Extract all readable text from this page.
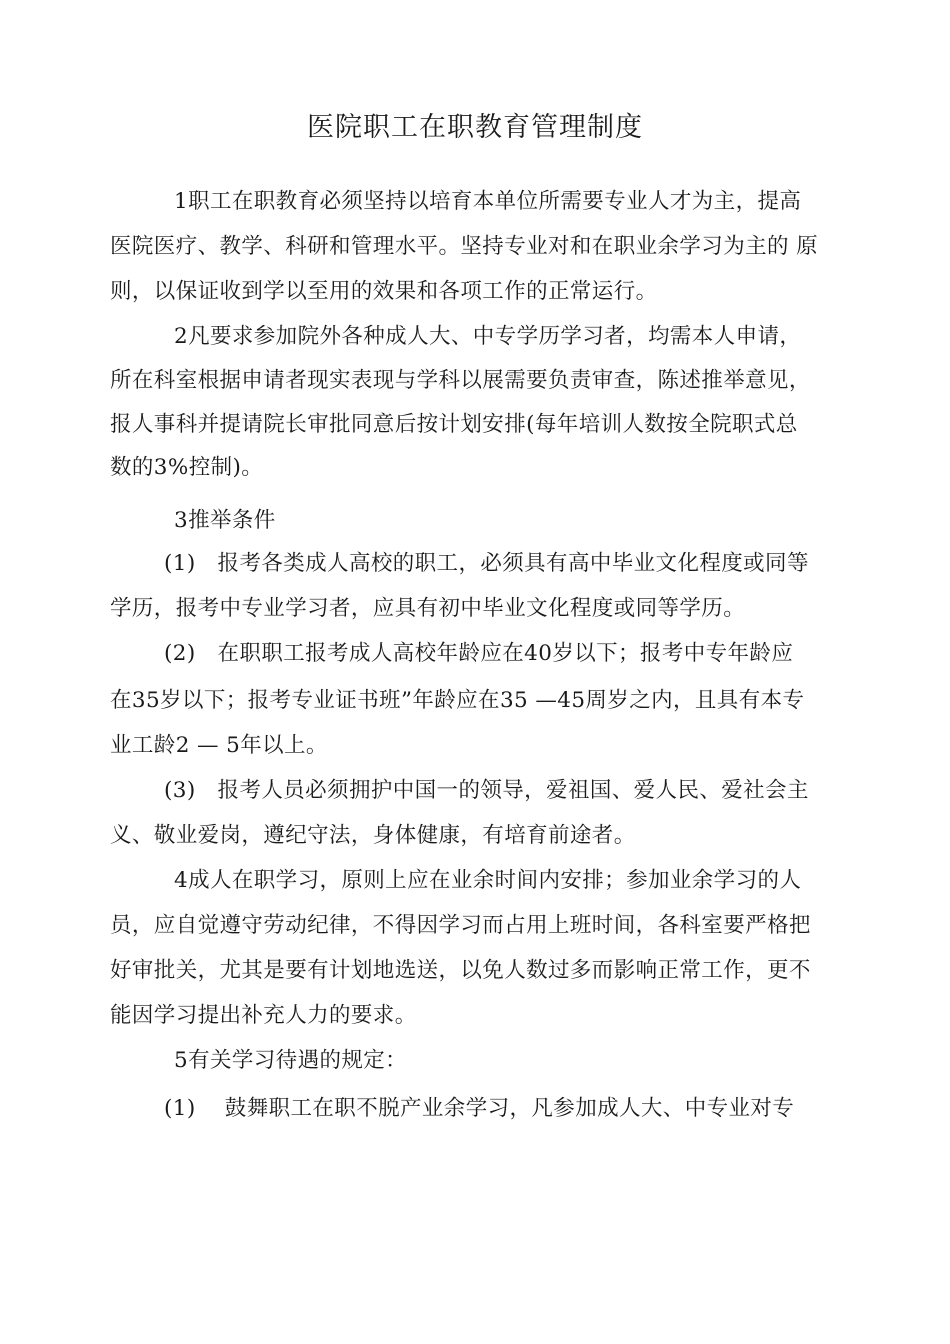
医院职工在职教育管理制度
1职工在职教育必须坚持以培育本单位所需要专业人才为主，提高
医院医疗、教学、科研和管理水平。坚持专业对和在职业余学习为主的 原
则，以保证收到学以至用的效果和各项工作的正常运行。
2凡要求参加院外各种成人大、中专学历学习者，均需本人申请，
所在科室根据申请者现实表现与学科以展需要负责审查，陈述推举意见，
报人事科并提请院长审批同意后按计划安排(每年培训人数按全院职式总
数的3%控制)。
3推举条件
(1)　报考各类成人高校的职工，必须具有高中毕业文化程度或同等
学历，报考中专业学习者，应具有初中毕业文化程度或同等学历。
(2)　在职职工报考成人高校年龄应在40岁以下；报考中专年龄应
在35岁以下；报考专业证书班”年龄应在35 —45周岁之内，且具有本专
业工龄2 — 5年以上。
(3)　报考人员必须拥护中国一的领导，爱祖国、爱人民、爱社会主
义、敬业爱岗，遵纪守法，身体健康，有培育前途者。
4成人在职学习，原则上应在业余时间内安排；参加业余学习的人
员，应自觉遵守劳动纪律，不得因学习而占用上班时间，各科室要严格把
好审批关，尤其是要有计划地选送，以免人数过多而影响正常工作，更不
能因学习提出补充人力的要求。
5有关学习待遇的规定：
(1)　 鼓舞职工在职不脱产业余学习，凡参加成人大、中专业对专
